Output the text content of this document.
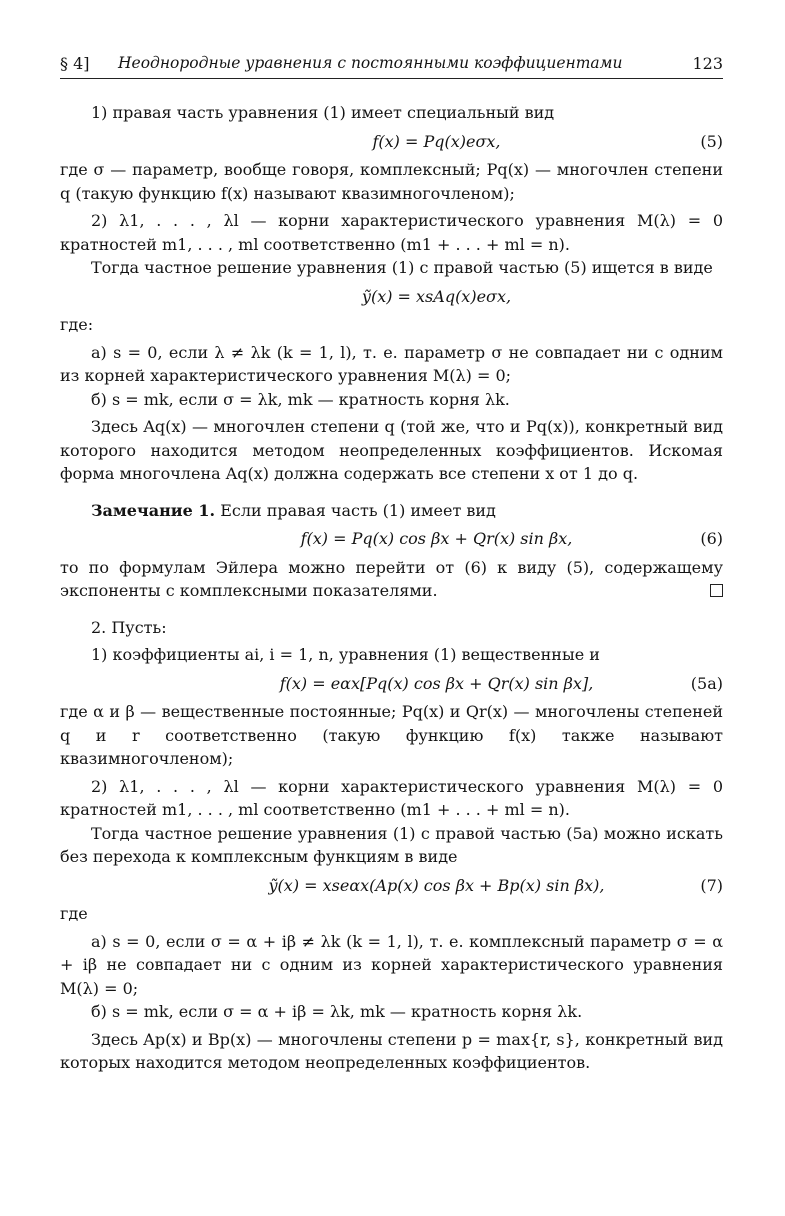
§ 4] Неоднородные уравнения с постоянными коэффициентами	123

1) правая часть уравнения (1) имеет специальный вид

f(x) = Pq(x)eσx,	(5)

где σ — параметр, вообще говоря, комплексный; Pq(x) — многочлен степени q (такую функцию f(x) называют квазимногочленом);

2) λ1, . . . , λl — корни характеристического уравнения M(λ) = 0 кратностей m1, . . . , ml соответственно (m1 + . . . + ml = n).

Тогда частное решение уравнения (1) с правой частью (5) ищется в виде

ỹ(x) = xsAq(x)eσx,

где:

а) s = 0, если λ ≠ λk (k = 1, l), т. е. параметр σ не совпадает ни с одним из корней характеристического уравнения M(λ) = 0;

б) s = mk, если σ = λk, mk — кратность корня λk.

Здесь Aq(x) — многочлен степени q (той же, что и Pq(x)), конкретный вид которого находится методом неопределенных коэффициентов. Искомая форма многочлена Aq(x) должна содержать все степени x от 1 до q.

Замечание 1. Если правая часть (1) имеет вид

f(x) = Pq(x) cos βx + Qr(x) sin βx,	(6)

то по формулам Эйлера можно перейти от (6) к виду (5), содержащему экспоненты с комплексными показателями.

2. Пусть:

1) коэффициенты ai, i = 1, n, уравнения (1) вещественные и

f(x) = eαx[Pq(x) cos βx + Qr(x) sin βx],	(5а)

где α и β — вещественные постоянные; Pq(x) и Qr(x) — многочлены степеней q и r соответственно (такую функцию f(x) также называют квазимногочленом);

2) λ1, . . . , λl — корни характеристического уравнения M(λ) = 0 кратностей m1, . . . , ml соответственно (m1 + . . . + ml = n).

Тогда частное решение уравнения (1) с правой частью (5а) можно искать без перехода к комплексным функциям в виде

ỹ(x) = xseαx(Ap(x) cos βx + Bp(x) sin βx),	(7)

где

а) s = 0, если σ = α + iβ ≠ λk (k = 1, l), т. е. комплексный параметр σ = α + iβ не совпадает ни с одним из корней характеристического уравнения M(λ) = 0;

б) s = mk, если σ = α + iβ = λk, mk — кратность корня λk.

Здесь Ap(x) и Bp(x) — многочлены степени p = max{r, s}, конкретный вид которых находится методом неопределенных коэффициентов.
